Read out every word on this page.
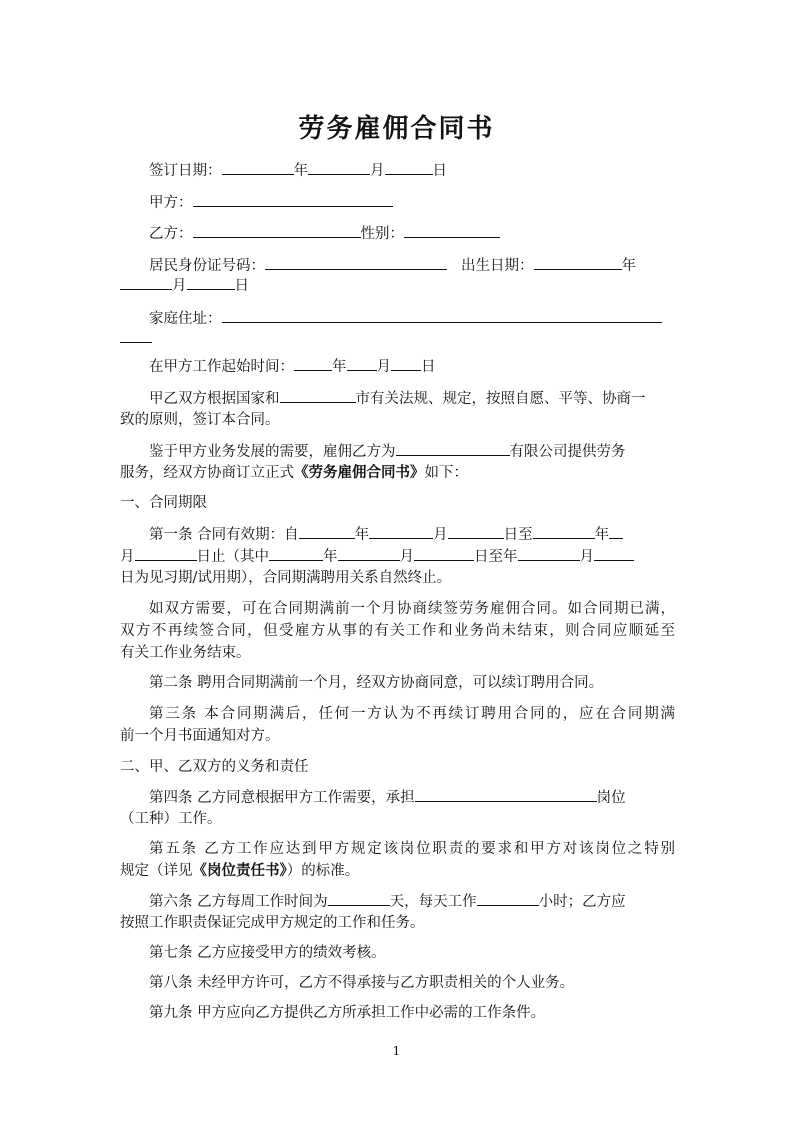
劳务雇佣合同书
签订日期：	年	月	日
甲方：
乙方：	性别：
居民身份证号码：	出生日期：	年
月	日
家庭住址：
在甲方工作起始时间：	年 月 日
甲乙双方根据国家和	市有关法规、规定，按照自愿、平等、协商一
致的原则，签订本合同。
鉴于甲方业务发展的需要，雇佣乙方为	有限公司提供劳务
服务，经双方协商订立正式《劳务雇佣合同书》如下：
一、合同期限
第一条 合同有效期：自	年	月	日至	年
月	日止（其中	年	月	日至年	月
日为见习期/试用期），合同期满聘用关系自然终止。
如双方需要，可在合同期满前一个月协商续签劳务雇佣合同。如合同期已满，
双方不再续签合同，但受雇方从事的有关工作和业务尚未结束，则合同应顺延至
有关工作业务结束。
第二条 聘用合同期满前一个月，经双方协商同意，可以续订聘用合同。
第三条 本合同期满后，任何一方认为不再续订聘用合同的，应在合同期满
前一个月书面通知对方。
二、甲、乙双方的义务和责任
第四条 乙方同意根据甲方工作需要，承担	岗位
（工种）工作。
第五条 乙方工作应达到甲方规定该岗位职责的要求和甲方对该岗位之特别
规定（详见《岗位责任书》）的标准。
第六条 乙方每周工作时间为	天，每天工作	小时；乙方应
按照工作职责保证完成甲方规定的工作和任务。
第七条 乙方应接受甲方的绩效考核。
第八条 未经甲方许可，乙方不得承接与乙方职责相关的个人业务。
第九条 甲方应向乙方提供乙方所承担工作中必需的工作条件。
1
